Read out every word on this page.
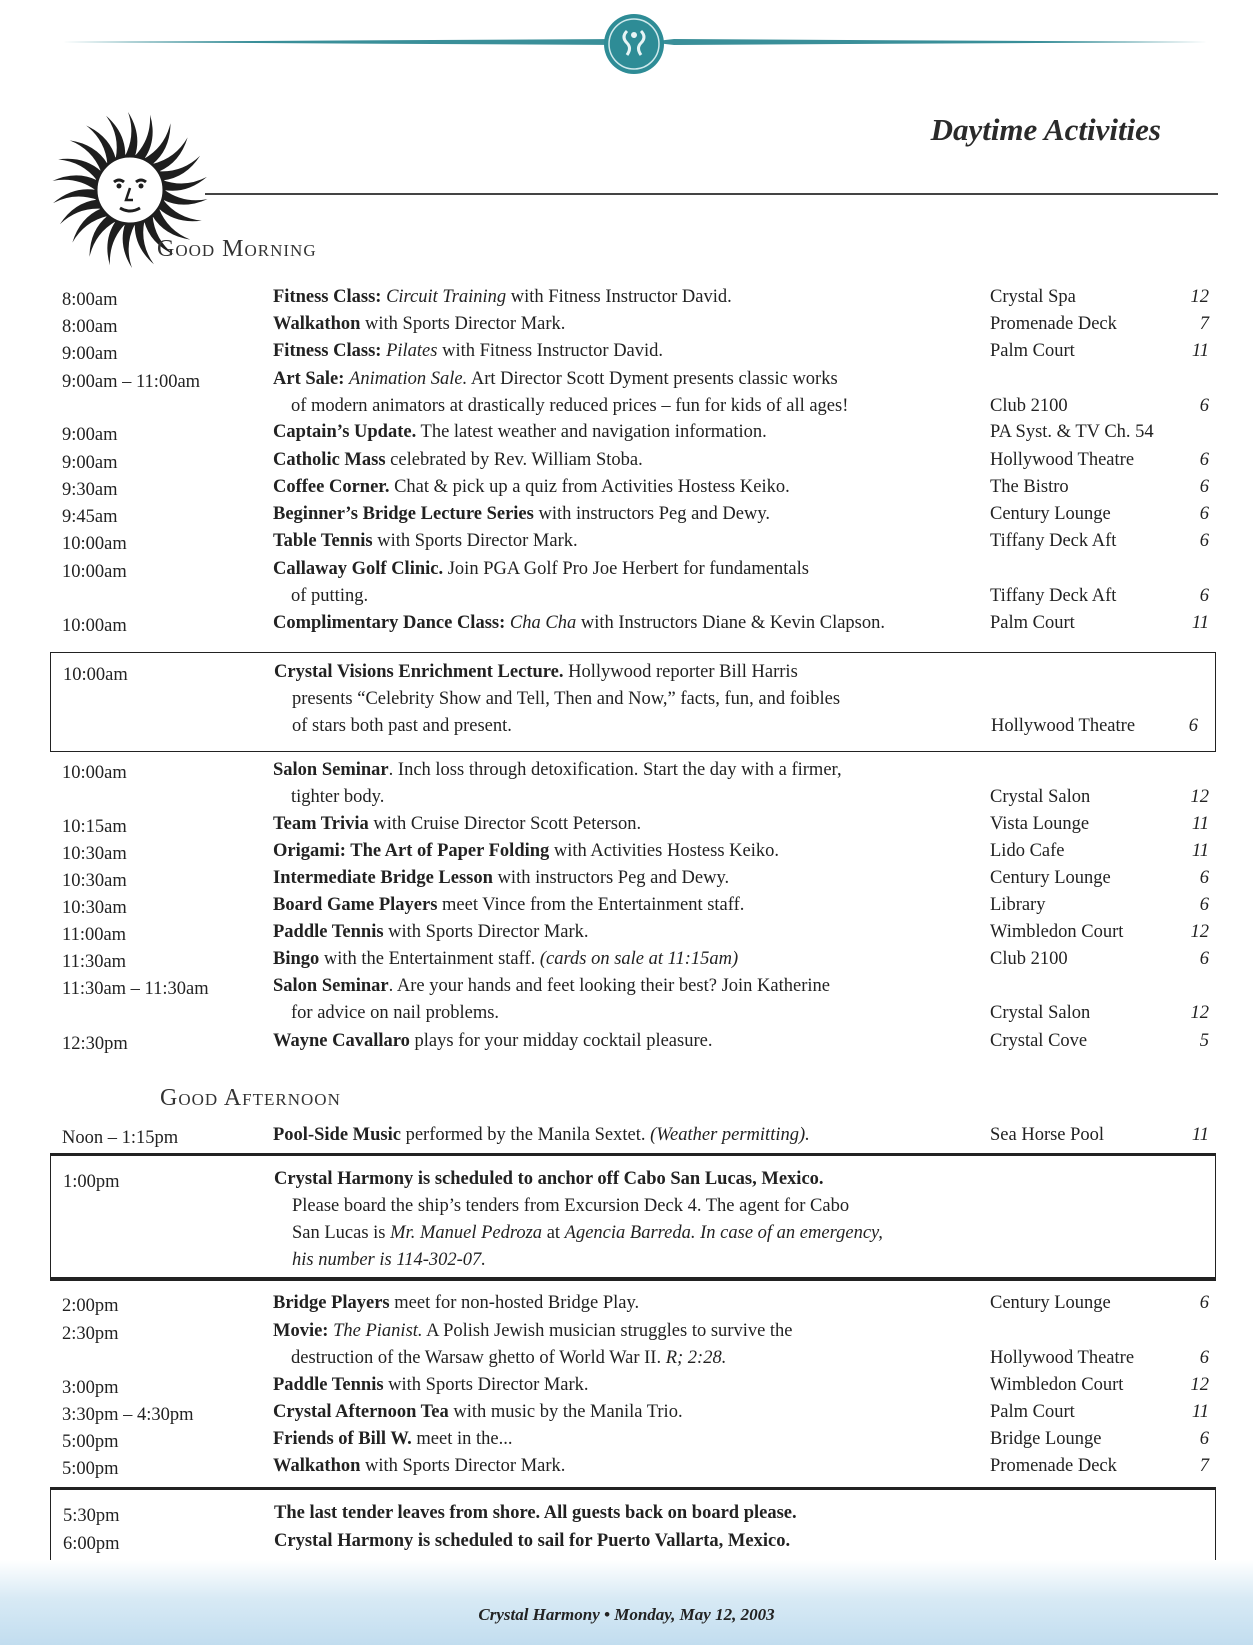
Daytime Activities
Good Morning
8:00am	Fitness Class: Circuit Training with Fitness Instructor David.	Crystal Spa	12
8:00am	Walkathon with Sports Director Mark.	Promenade Deck	7
9:00am	Fitness Class: Pilates with Fitness Instructor David.	Palm Court	11
9:00am – 11:00am	Art Sale: Animation Sale. Art Director Scott Dyment presents classic works
of modern animators at drastically reduced prices – fun for kids of all ages!	Club 2100	6
9:00am	Captain’s Update. The latest weather and navigation information.	PA Syst. & TV Ch. 54
9:00am	Catholic Mass celebrated by Rev. William Stoba.	Hollywood Theatre	6
9:30am	Coffee Corner. Chat & pick up a quiz from Activities Hostess Keiko.	The Bistro	6
9:45am	Beginner’s Bridge Lecture Series with instructors Peg and Dewy.	Century Lounge	6
10:00am	Table Tennis with Sports Director Mark.	Tiffany Deck Aft	6
10:00am	Callaway Golf Clinic. Join PGA Golf Pro Joe Herbert for fundamentals
of putting.	Tiffany Deck Aft	6
10:00am	Complimentary Dance Class: Cha Cha with Instructors Diane & Kevin Clapson.	Palm Court	11
10:00am	Crystal Visions Enrichment Lecture. Hollywood reporter Bill Harris
presents “Celebrity Show and Tell, Then and Now,” facts, fun, and foibles
of stars both past and present.	Hollywood Theatre	6
10:00am	Salon Seminar. Inch loss through detoxification. Start the day with a firmer,
tighter body.	Crystal Salon	12
10:15am	Team Trivia with Cruise Director Scott Peterson.	Vista Lounge	11
10:30am	Origami: The Art of Paper Folding with Activities Hostess Keiko.	Lido Cafe	11
10:30am	Intermediate Bridge Lesson with instructors Peg and Dewy.	Century Lounge	6
10:30am	Board Game Players meet Vince from the Entertainment staff.	Library	6
11:00am	Paddle Tennis with Sports Director Mark.	Wimbledon Court	12
11:30am	Bingo with the Entertainment staff. (cards on sale at 11:15am)	Club 2100	6
11:30am – 11:30am	Salon Seminar. Are your hands and feet looking their best? Join Katherine
for advice on nail problems.	Crystal Salon	12
12:30pm	Wayne Cavallaro plays for your midday cocktail pleasure.	Crystal Cove	5
Good Afternoon
Noon – 1:15pm	Pool-Side Music performed by the Manila Sextet. (Weather permitting).	Sea Horse Pool	11
1:00pm	Crystal Harmony is scheduled to anchor off Cabo San Lucas, Mexico.
Please board the ship’s tenders from Excursion Deck 4. The agent for Cabo
San Lucas is Mr. Manuel Pedroza at Agencia Barreda. In case of an emergency,
his number is 114-302-07.
2:00pm	Bridge Players meet for non-hosted Bridge Play.	Century Lounge	6
2:30pm	Movie: The Pianist. A Polish Jewish musician struggles to survive the
destruction of the Warsaw ghetto of World War II. R; 2:28.	Hollywood Theatre	6
3:00pm	Paddle Tennis with Sports Director Mark.	Wimbledon Court	12
3:30pm – 4:30pm	Crystal Afternoon Tea with music by the Manila Trio.	Palm Court	11
5:00pm	Friends of Bill W. meet in the...	Bridge Lounge	6
5:00pm	Walkathon with Sports Director Mark.	Promenade Deck	7
5:30pm	The last tender leaves from shore. All guests back on board please.
6:00pm	Crystal Harmony is scheduled to sail for Puerto Vallarta, Mexico.
Crystal Harmony • Monday, May 12, 2003
